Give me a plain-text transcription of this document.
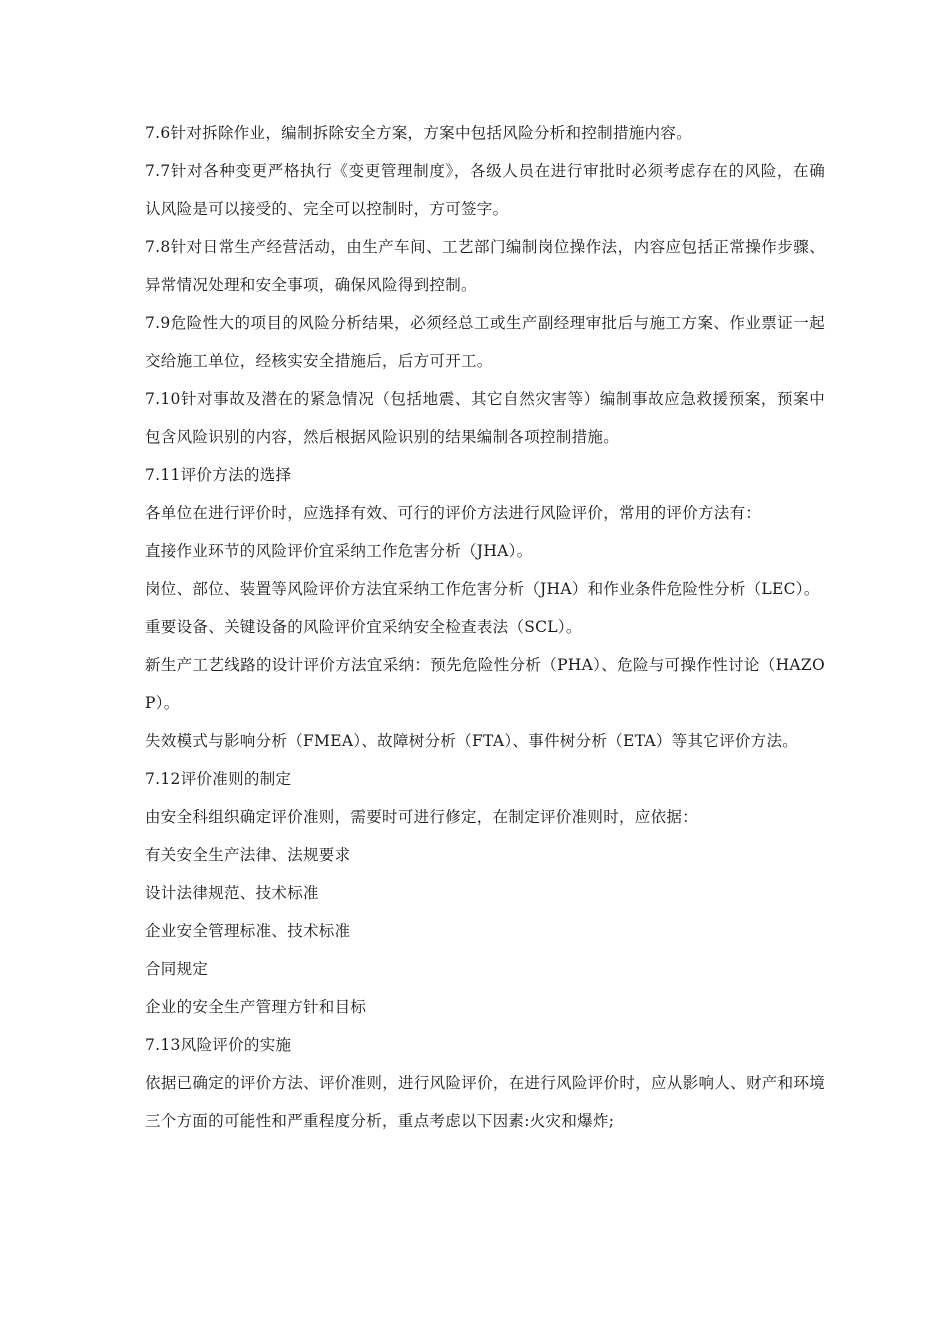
7.6针对拆除作业，编制拆除安全方案，方案中包括风险分析和控制措施内容。

7.7针对各种变更严格执行《变更管理制度》，各级人员在进行审批时必须考虑存在的风险，在确认风险是可以接受的、完全可以控制时，方可签字。

7.8针对日常生产经营活动，由生产车间、工艺部门编制岗位操作法，内容应包括正常操作步骤、异常情况处理和安全事项，确保风险得到控制。

7.9危险性大的项目的风险分析结果，必须经总工或生产副经理审批后与施工方案、作业票证一起交给施工单位，经核实安全措施后，后方可开工。

7.10针对事故及潜在的紧急情况（包括地震、其它自然灾害等）编制事故应急救援预案，预案中包含风险识别的内容，然后根据风险识别的结果编制各项控制措施。

7.11评价方法的选择

各单位在进行评价时，应选择有效、可行的评价方法进行风险评价，常用的评价方法有：

直接作业环节的风险评价宜采纳工作危害分析（JHA）。

岗位、部位、装置等风险评价方法宜采纳工作危害分析（JHA）和作业条件危险性分析（LEC）。

重要设备、关键设备的风险评价宜采纳安全检查表法（SCL）。

新生产工艺线路的设计评价方法宜采纳：预先危险性分析（PHA）、危险与可操作性讨论（HAZOP）。

失效模式与影响分析（FMEA）、故障树分析（FTA）、事件树分析（ETA）等其它评价方法。

7.12评价准则的制定

由安全科组织确定评价准则，需要时可进行修定，在制定评价准则时，应依据：

有关安全生产法律、法规要求

设计法律规范、技术标准

企业安全管理标准、技术标准

合同规定

企业的安全生产管理方针和目标

7.13风险评价的实施

依据已确定的评价方法、评价准则，进行风险评价，在进行风险评价时，应从影响人、财产和环境三个方面的可能性和严重程度分析，重点考虑以下因素:火灾和爆炸;
